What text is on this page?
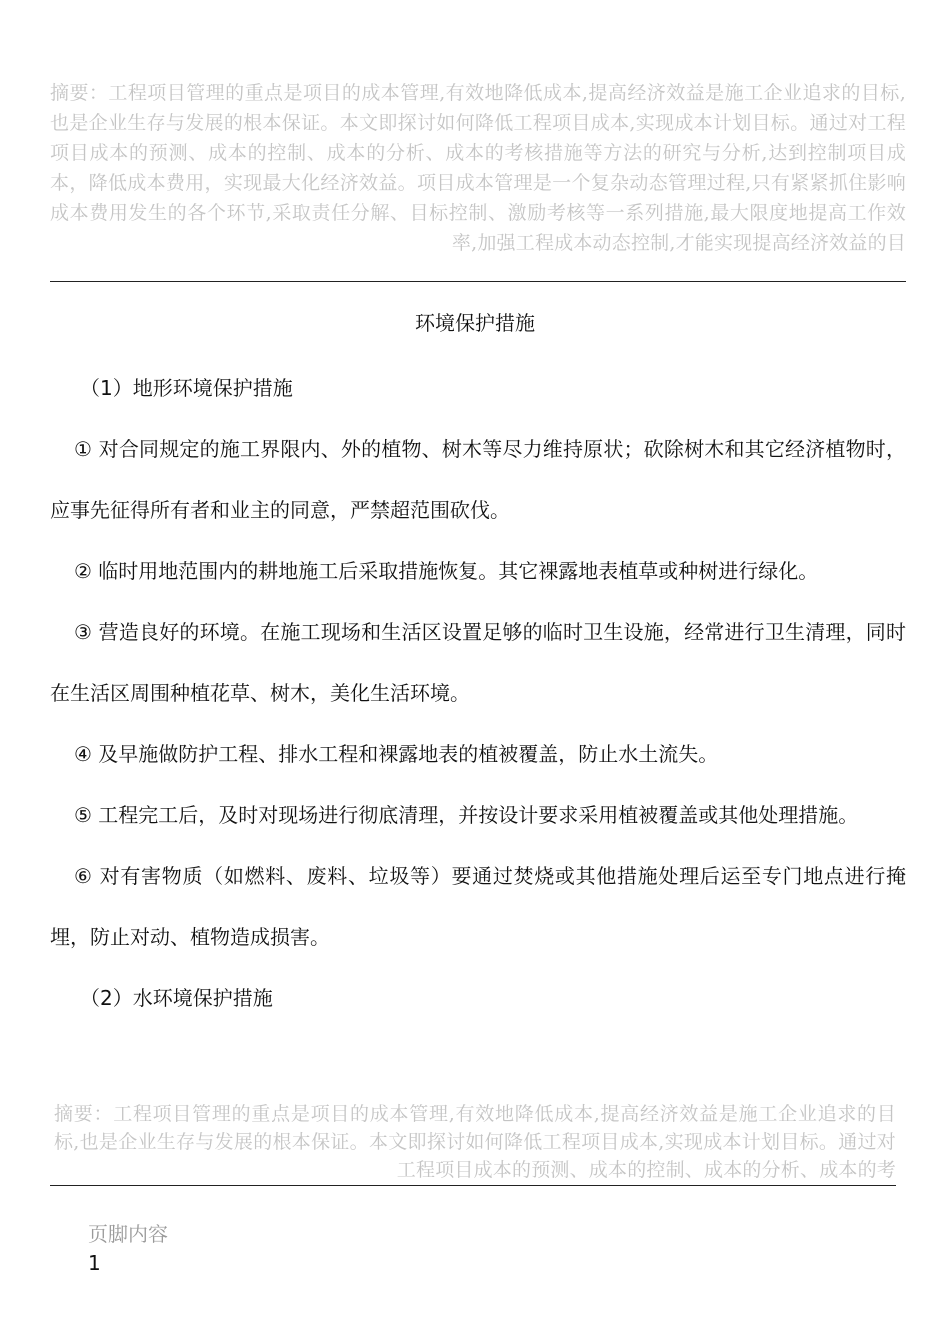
摘要：工程项目管理的重点是项目的成本管理,有效地降低成本,提高经济效益是施工企业追求的目标,也是企业生存与发展的根本保证。本文即探讨如何降低工程项目成本,实现成本计划目标。通过对工程项目成本的预测、成本的控制、成本的分析、成本的考核措施等方法的研究与分析,达到控制项目成本，降低成本费用，实现最大化经济效益。项目成本管理是一个复杂动态管理过程,只有紧紧抓住影响成本费用发生的各个环节,采取责任分解、目标控制、激励考核等一系列措施,最大限度地提高工作效率,加强工程成本动态控制,才能实现提高经济效益的目
环境保护措施

（1）地形环境保护措施

① 对合同规定的施工界限内、外的植物、树木等尽力维持原状；砍除树木和其它经济植物时，应事先征得所有者和业主的同意，严禁超范围砍伐。

② 临时用地范围内的耕地施工后采取措施恢复。其它裸露地表植草或种树进行绿化。

③ 营造良好的环境。在施工现场和生活区设置足够的临时卫生设施，经常进行卫生清理，同时在生活区周围种植花草、树木，美化生活环境。

④ 及早施做防护工程、排水工程和裸露地表的植被覆盖，防止水土流失。

⑤ 工程完工后，及时对现场进行彻底清理，并按设计要求采用植被覆盖或其他处理措施。

⑥ 对有害物质（如燃料、废料、垃圾等）要通过焚烧或其他措施处理后运至专门地点进行掩埋，防止对动、植物造成损害。

（2）水环境保护措施

摘要：工程项目管理的重点是项目的成本管理,有效地降低成本,提高经济效益是施工企业追求的目标,也是企业生存与发展的根本保证。本文即探讨如何降低工程项目成本,实现成本计划目标。通过对工程项目成本的预测、成本的控制、成本的分析、成本的考
页脚内容1
